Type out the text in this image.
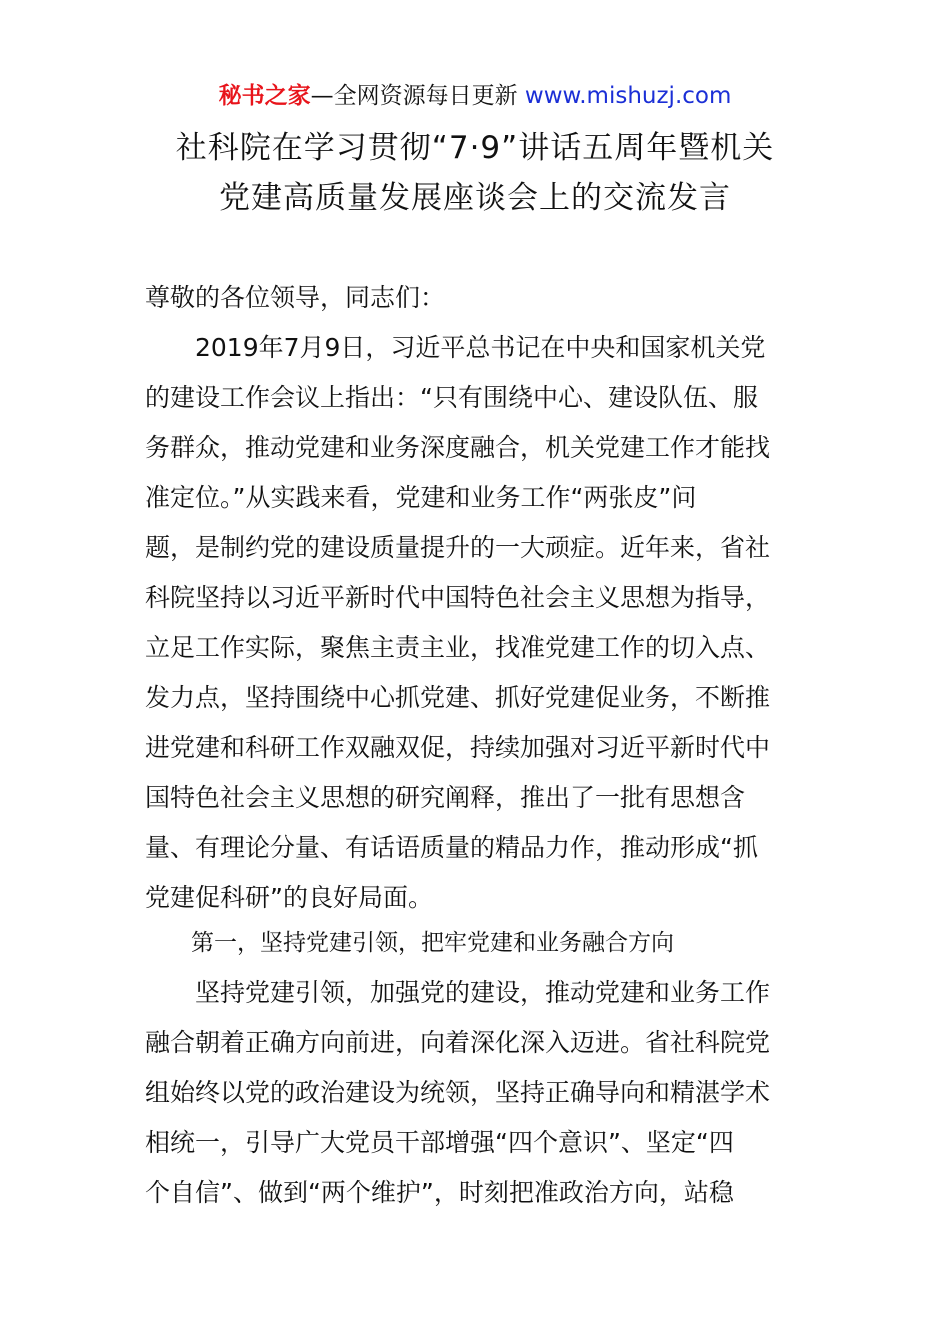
秘书之家—全网资源每日更新 www.mishuzj.com
社科院在学习贯彻“7·9”讲话五周年暨机关
党建高质量发展座谈会上的交流发言
尊敬的各位领导，同志们：
　　2019年7月9日，习近平总书记在中央和国家机关党
的建设工作会议上指出：“只有围绕中心、建设队伍、服
务群众，推动党建和业务深度融合，机关党建工作才能找
准定位。”从实践来看，党建和业务工作“两张皮”问
题，是制约党的建设质量提升的一大顽症。近年来，省社
科院坚持以习近平新时代中国特色社会主义思想为指导，
立足工作实际，聚焦主责主业，找准党建工作的切入点、
发力点，坚持围绕中心抓党建、抓好党建促业务，不断推
进党建和科研工作双融双促，持续加强对习近平新时代中
国特色社会主义思想的研究阐释，推出了一批有思想含
量、有理论分量、有话语质量的精品力作，推动形成“抓
党建促科研”的良好局面。
　　第一，坚持党建引领，把牢党建和业务融合方向
　　坚持党建引领，加强党的建设，推动党建和业务工作
融合朝着正确方向前进，向着深化深入迈进。省社科院党
组始终以党的政治建设为统领，坚持正确导向和精湛学术
相统一，引导广大党员干部增强“四个意识”、坚定“四
个自信”、做到“两个维护”，时刻把准政治方向，站稳
